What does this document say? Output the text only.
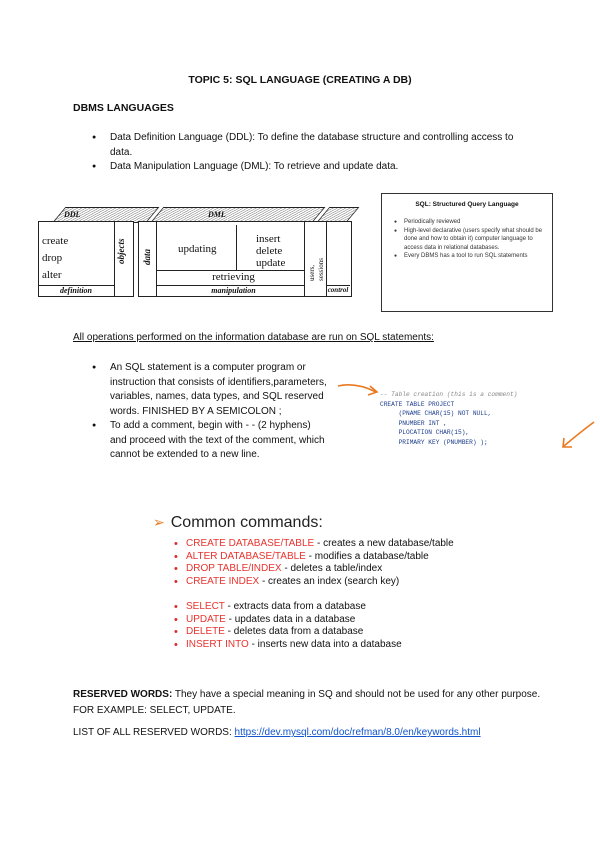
TOPIC 5: SQL LANGUAGE (CREATING A DB)
DBMS LANGUAGES
● Data Definition Language (DDL): To define the database structure and controlling access to data.
● Data Manipulation Language (DML): To retrieve and update data.
DDL
create
drop
alter
objects
definition
DML
data updating
insert
delete
update
retrieving
manipulation
users, sessions
control
SQL: Structured Query Language
● Periodically reviewed
● High-level declarative (users specify what should be done and how to obtain it) computer language to access data in relational databases.
● Every DBMS has a tool to run SQL statements
All operations performed on the information database are run on SQL statements:
● An SQL statement is a computer program or instruction that consists of identifiers,parameters, variables, names, data types, and SQL reserved words. FINISHED BY A SEMICOLON ;
● To add a comment, begin with - - (2 hyphens) and proceed with the text of the comment, which cannot be extended to a new line.
-- Table creation (this is a comment)
CREATE TABLE PROJECT
(PNAME CHAR(15) NOT NULL,
PNUMBER INT ,
PLOCATION CHAR(15),
PRIMARY KEY (PNUMBER) );
➢ Common commands:
• CREATE DATABASE/TABLE - creates a new database/table
• ALTER DATABASE/TABLE - modifies a database/table
• DROP TABLE/INDEX - deletes a table/index
• CREATE INDEX - creates an index (search key)
• SELECT - extracts data from a database
• UPDATE - updates data in a database
• DELETE - deletes data from a database
• INSERT INTO - inserts new data into a database
RESERVED WORDS: They have a special meaning in SQ and should not be used for any other purpose. FOR EXAMPLE: SELECT, UPDATE.
LIST OF ALL RESERVED WORDS: https://dev.mysql.com/doc/refman/8.0/en/keywords.html
